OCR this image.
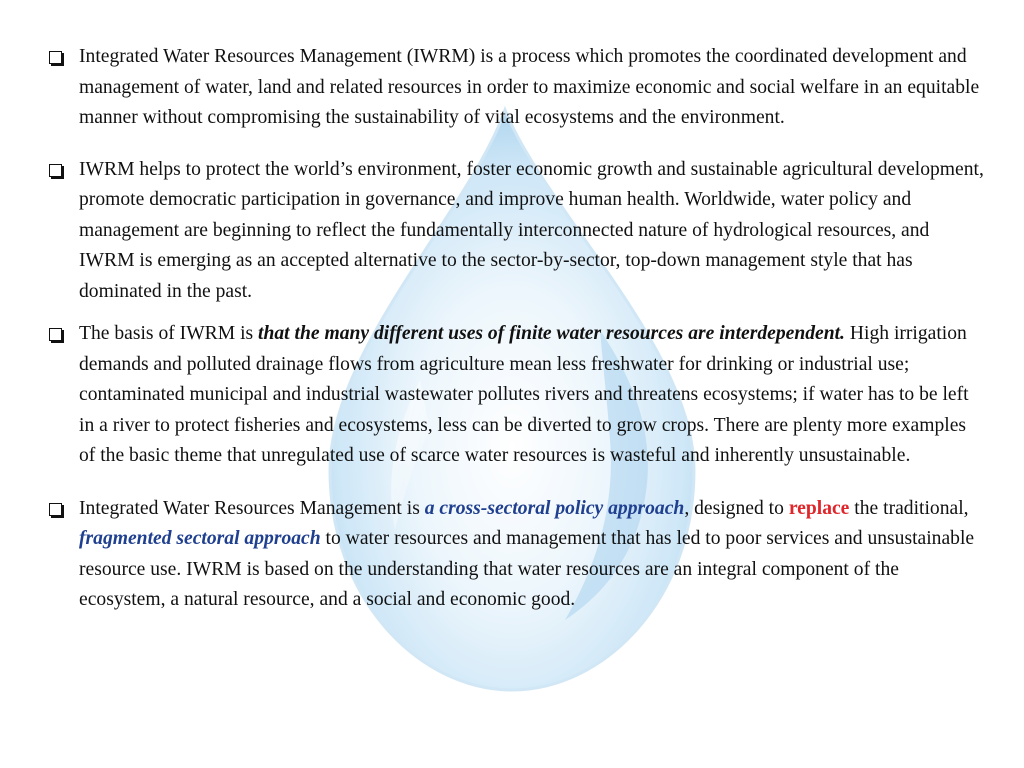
Integrated Water Resources Management (IWRM) is a process which promotes the coordinated development and management of water, land and related resources in order to maximize economic and social welfare in an equitable manner without compromising the sustainability of vital ecosystems and the environment.

IWRM helps to protect the world’s environment, foster economic growth and sustainable agricultural development, promote democratic participation in governance, and improve human health. Worldwide, water policy and management are beginning to reflect the fundamentally interconnected nature of hydrological resources, and IWRM is emerging as an accepted alternative to the sector-by-sector, top-down management style that has dominated in the past.

The basis of IWRM is that the many different uses of finite water resources are interdependent. High irrigation demands and polluted drainage flows from agriculture mean less freshwater for drinking or industrial use; contaminated municipal and industrial wastewater pollutes rivers and threatens ecosystems; if water has to be left in a river to protect fisheries and ecosystems, less can be diverted to grow crops. There are plenty more examples of the basic theme that unregulated use of scarce water resources is wasteful and inherently unsustainable.

Integrated Water Resources Management is a cross-sectoral policy approach, designed to replace the traditional, fragmented sectoral approach to water resources and management that has led to poor services and unsustainable resource use. IWRM is based on the understanding that water resources are an integral component of the ecosystem, a natural resource, and a social and economic good.
